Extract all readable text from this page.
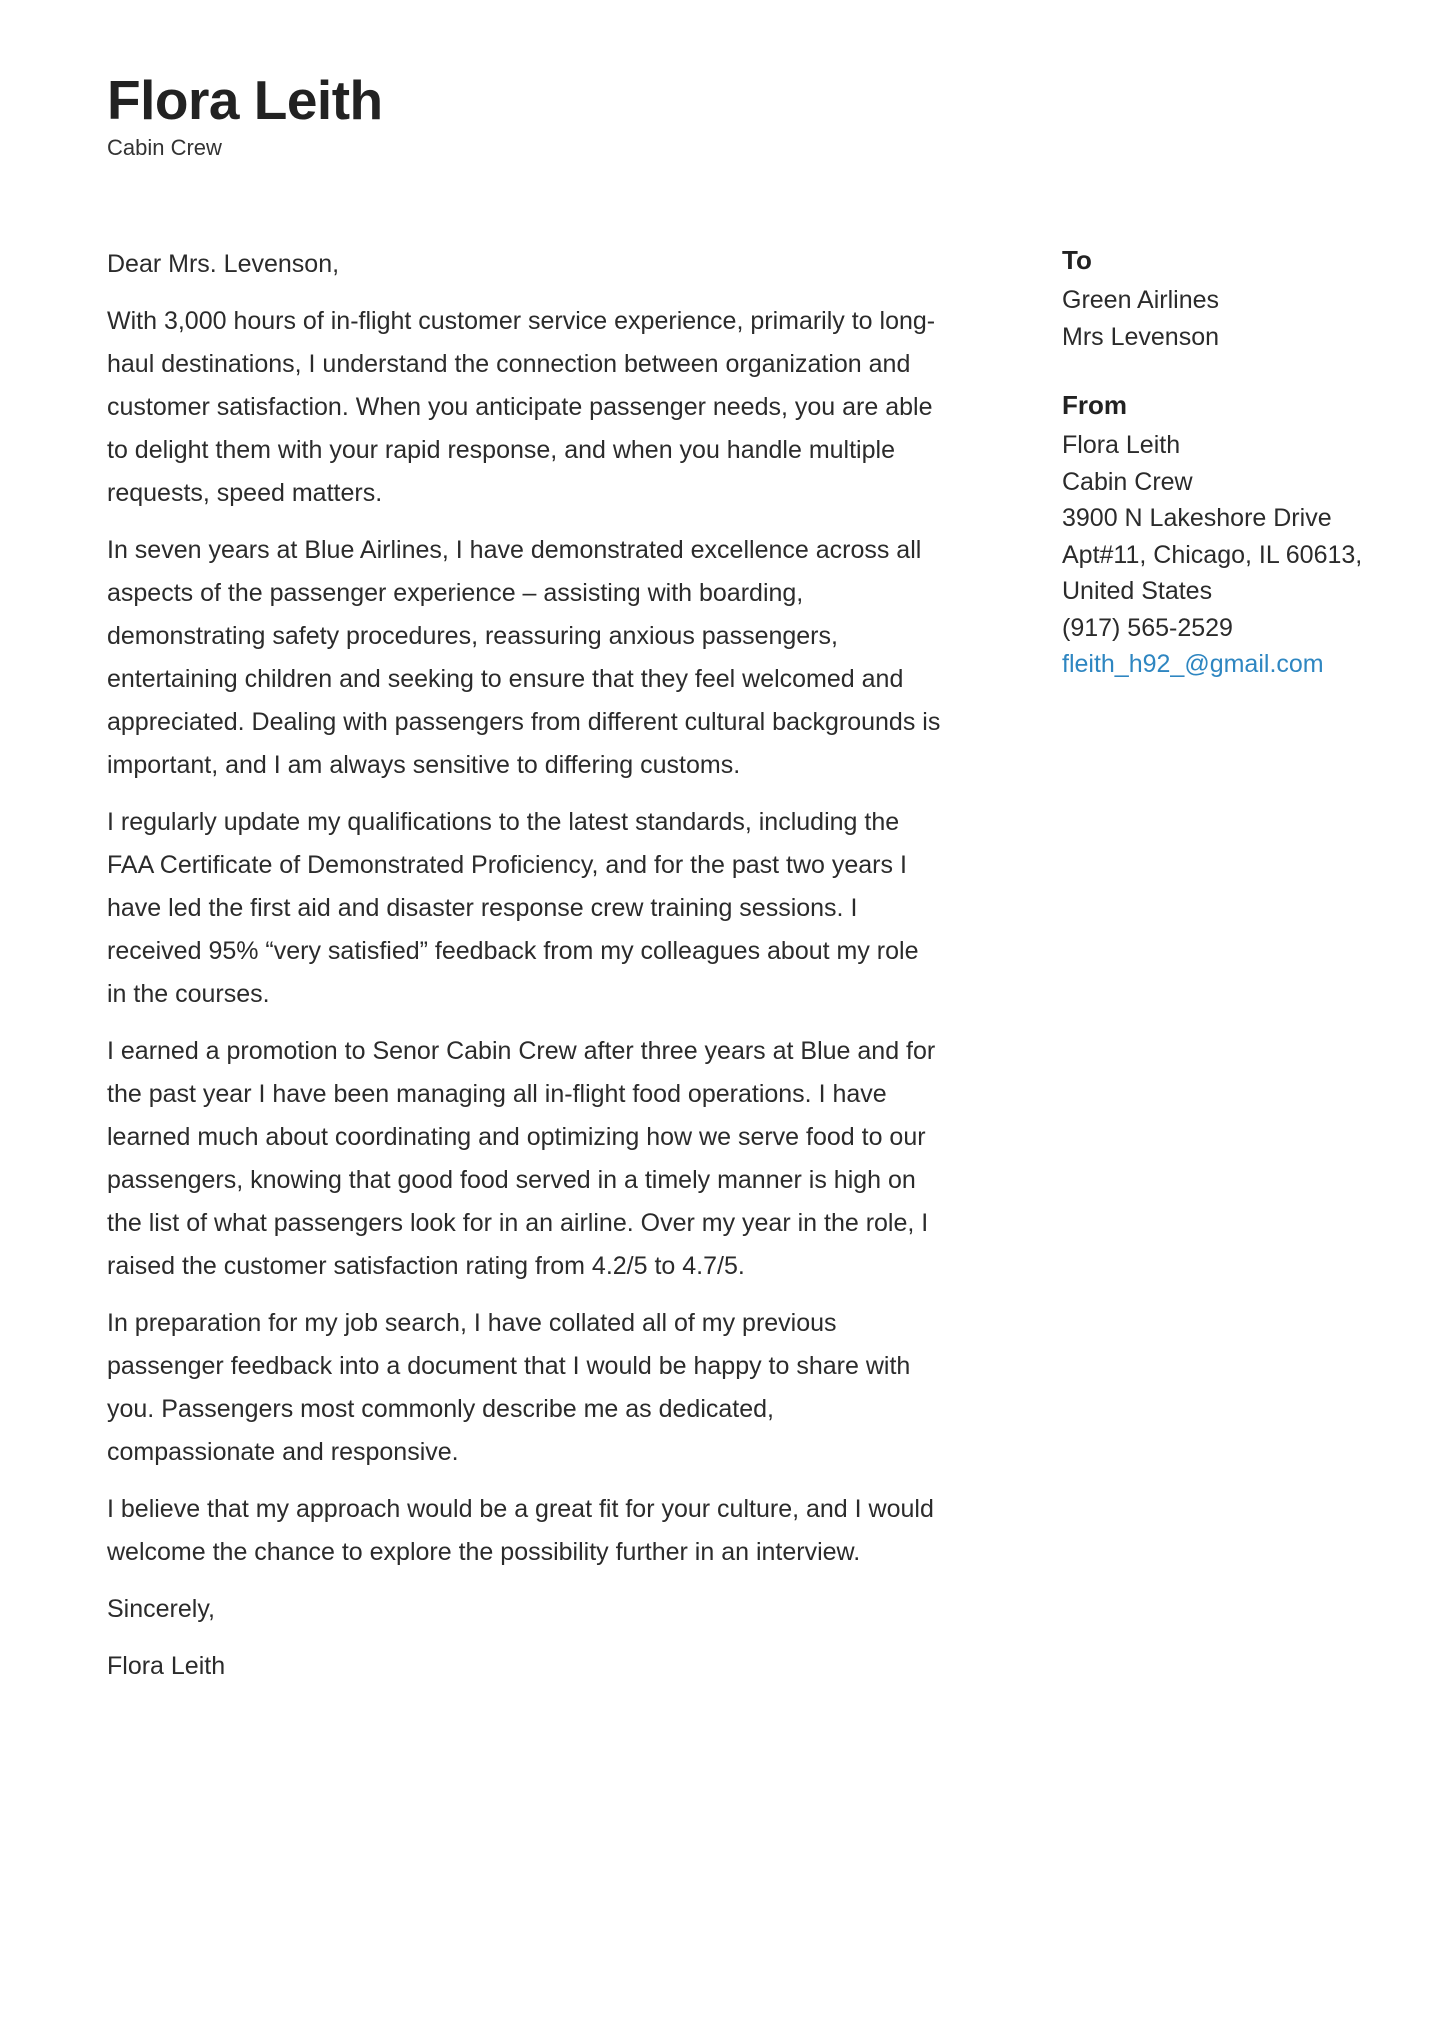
Flora Leith
Cabin Crew

Dear Mrs. Levenson,

With 3,000 hours of in-flight customer service experience, primarily to long-haul destinations, I understand the connection between organization and customer satisfaction. When you anticipate passenger needs, you are able to delight them with your rapid response, and when you handle multiple requests, speed matters.

In seven years at Blue Airlines, I have demonstrated excellence across all aspects of the passenger experience – assisting with boarding, demonstrating safety procedures, reassuring anxious passengers, entertaining children and seeking to ensure that they feel welcomed and appreciated. Dealing with passengers from different cultural backgrounds is important, and I am always sensitive to differing customs.

I regularly update my qualifications to the latest standards, including the FAA Certificate of Demonstrated Proficiency, and for the past two years I have led the first aid and disaster response crew training sessions. I received 95% “very satisfied” feedback from my colleagues about my role in the courses.

I earned a promotion to Senor Cabin Crew after three years at Blue and for the past year I have been managing all in-flight food operations. I have learned much about coordinating and optimizing how we serve food to our passengers, knowing that good food served in a timely manner is high on the list of what passengers look for in an airline. Over my year in the role, I raised the customer satisfaction rating from 4.2/5 to 4.7/5.

In preparation for my job search, I have collated all of my previous passenger feedback into a document that I would be happy to share with you. Passengers most commonly describe me as dedicated, compassionate and responsive.

I believe that my approach would be a great fit for your culture, and I would welcome the chance to explore the possibility further in an interview.

Sincerely,

Flora Leith

To
Green Airlines
Mrs Levenson
From
Flora Leith
Cabin Crew
3900 N Lakeshore Drive
Apt#11, Chicago, IL 60613,
United States
(917) 565-2529
fleith_h92_@gmail.com
